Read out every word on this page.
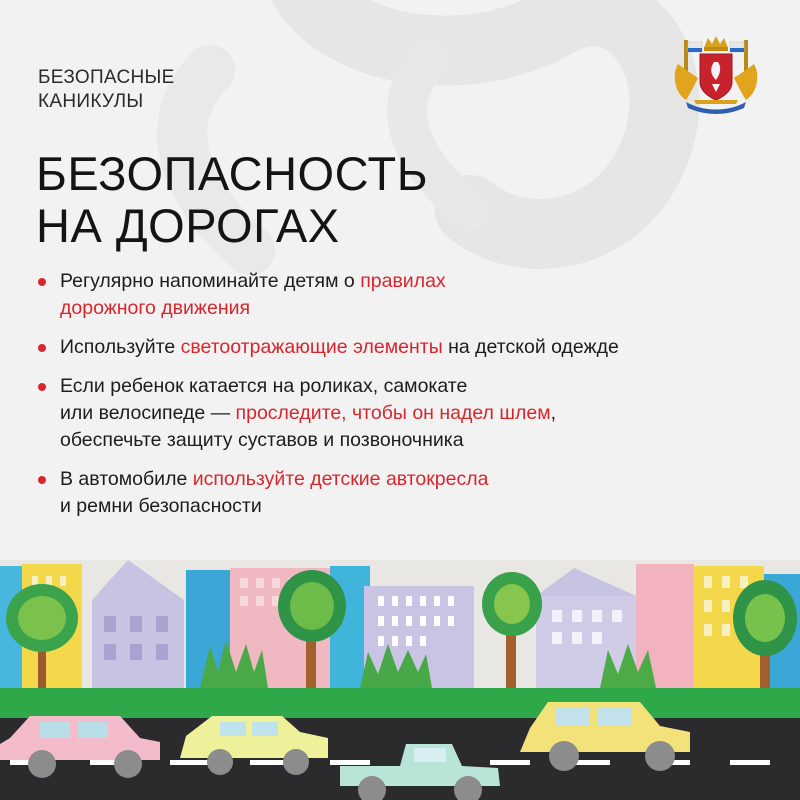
БЕЗОПАСНЫЕ
КАНИКУЛЫ
БЕЗОПАСНОСТЬ
НА ДОРОГАХ
Регулярно напоминайте детям о правилах
дорожного движения
Используйте светоотражающие элементы на детской одежде
Если ребенок катается на роликах, самокате
или велосипеде — проследите, чтобы он надел шлем,
обеспечьте защиту суставов и позвоночника
В автомобиле используйте детские автокресла
и ремни безопасности
